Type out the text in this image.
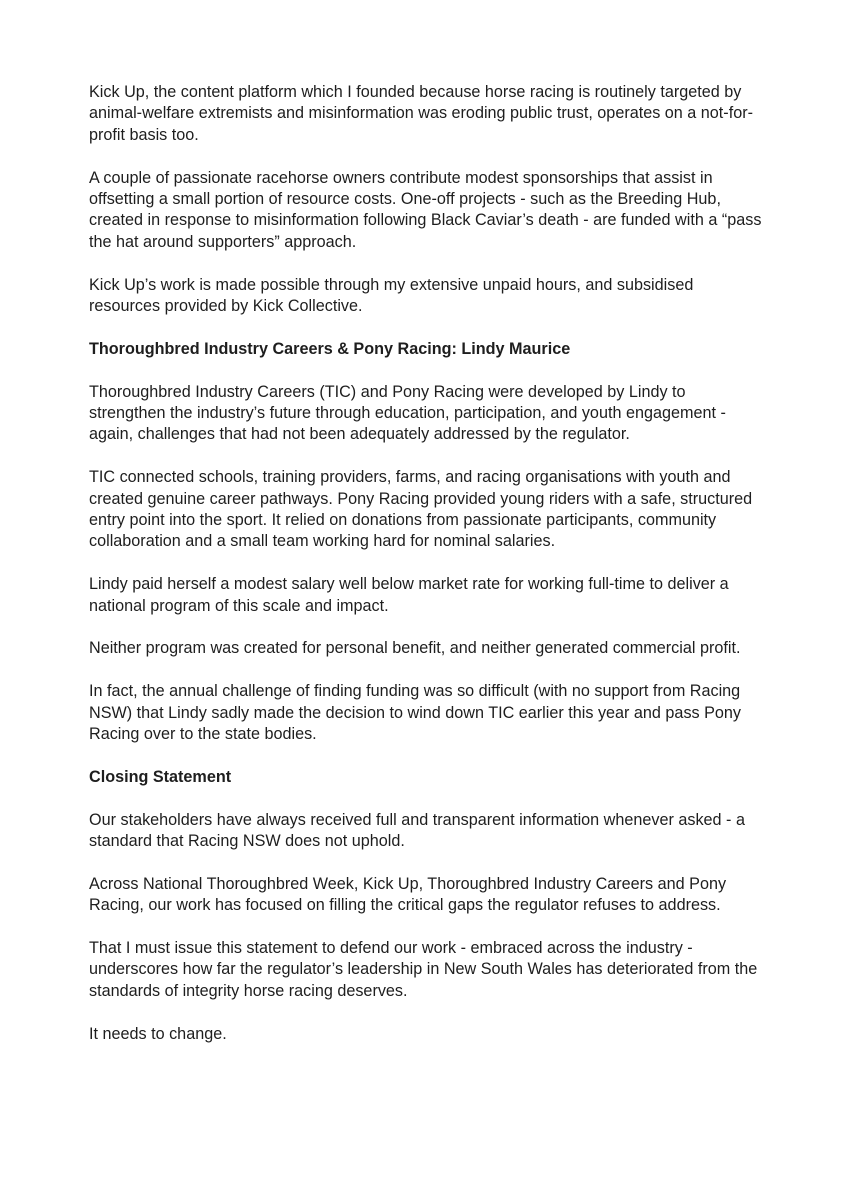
Kick Up, the content platform which I founded because horse racing is routinely targeted by animal-welfare extremists and misinformation was eroding public trust, operates on a not-for-profit basis too.

A couple of passionate racehorse owners contribute modest sponsorships that assist in offsetting a small portion of resource costs. One-off projects - such as the Breeding Hub, created in response to misinformation following Black Caviar’s death - are funded with a “pass the hat around supporters” approach.

Kick Up’s work is made possible through my extensive unpaid hours, and subsidised resources provided by Kick Collective.

Thoroughbred Industry Careers & Pony Racing: Lindy Maurice

Thoroughbred Industry Careers (TIC) and Pony Racing were developed by Lindy to strengthen the industry’s future through education, participation, and youth engagement - again, challenges that had not been adequately addressed by the regulator.

TIC connected schools, training providers, farms, and racing organisations with youth and created genuine career pathways. Pony Racing provided young riders with a safe, structured entry point into the sport. It relied on donations from passionate participants, community collaboration and a small team working hard for nominal salaries.

Lindy paid herself a modest salary well below market rate for working full-time to deliver a national program of this scale and impact.

Neither program was created for personal benefit, and neither generated commercial profit.

In fact, the annual challenge of finding funding was so difficult (with no support from Racing NSW) that Lindy sadly made the decision to wind down TIC earlier this year and pass Pony Racing over to the state bodies.

Closing Statement

Our stakeholders have always received full and transparent information whenever asked - a standard that Racing NSW does not uphold.

Across National Thoroughbred Week, Kick Up, Thoroughbred Industry Careers and Pony Racing, our work has focused on filling the critical gaps the regulator refuses to address.

That I must issue this statement to defend our work - embraced across the industry - underscores how far the regulator’s leadership in New South Wales has deteriorated from the standards of integrity horse racing deserves.

It needs to change.
